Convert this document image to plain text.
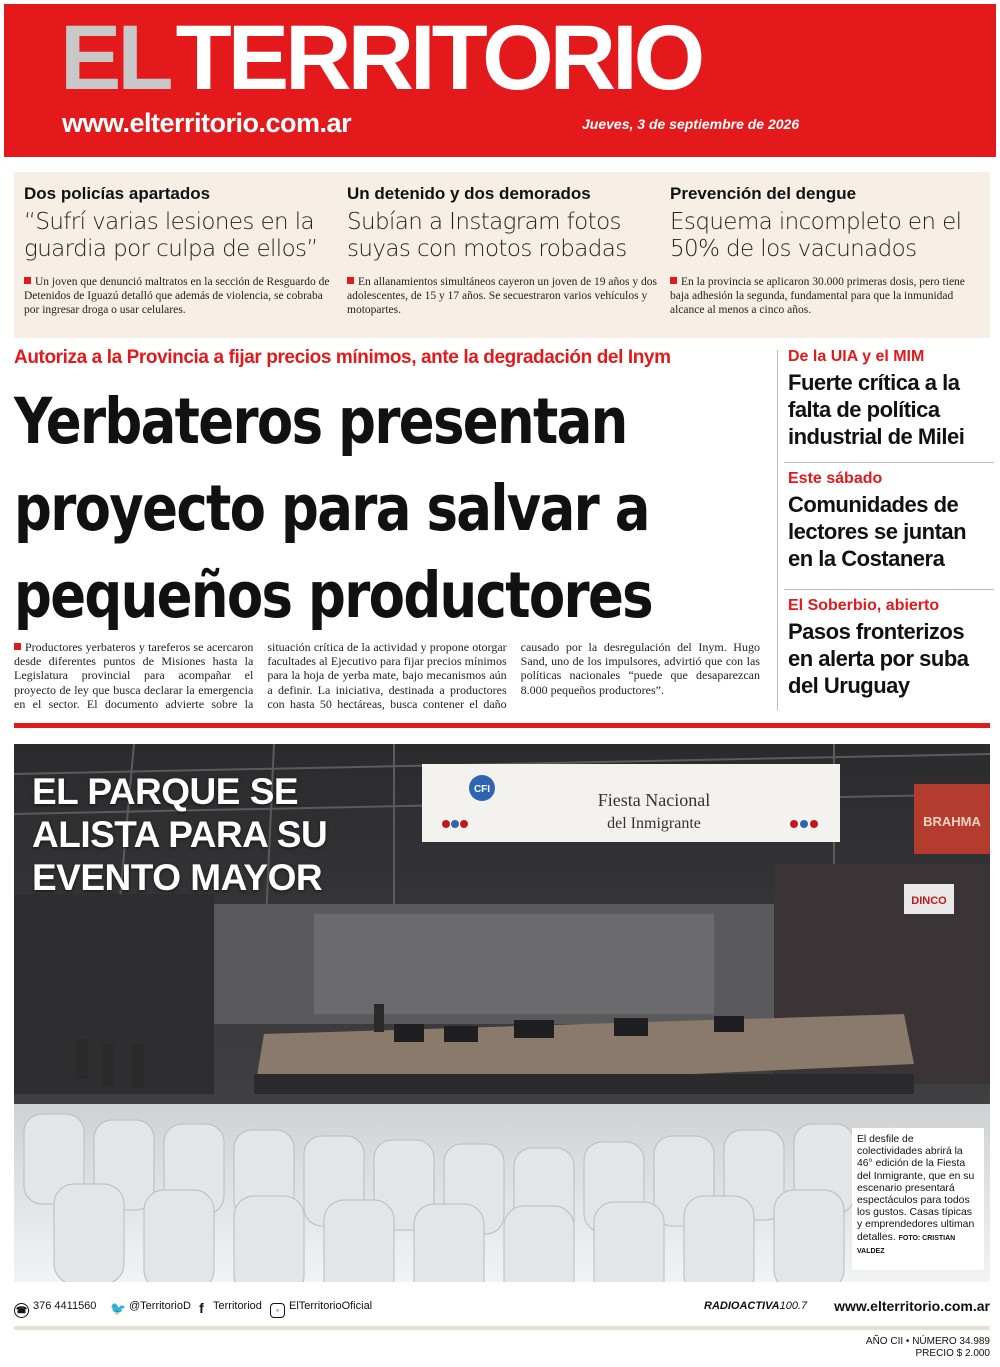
ELTERRITORIO
www.elterritorio.com.ar	Jueves, 3 de septiembre de 2026
Dos policías apartados
“Sufrí varias lesiones en la guardia por culpa de ellos”
Un joven que denunció maltratos en la sección de Resguardo de Detenidos de Iguazú detalló que además de violencia, se cobraba por ingresar droga o usar celulares.
Un detenido y dos demorados
Subían a Instagram fotos suyas con motos robadas
En allanamientos simultáneos cayeron un joven de 19 años y dos adolescentes, de 15 y 17 años. Se secuestraron varios vehículos y motopartes.
Prevención del dengue
Esquema incompleto en el 50% de los vacunados
En la provincia se aplicaron 30.000 primeras dosis, pero tiene baja adhesión la segunda, fundamental para que la inmunidad alcance al menos a cinco años.
Autoriza a la Provincia a fijar precios mínimos, ante la degradación del Inym
Yerbateros presentan proyecto para salvar a pequeños productores
Productores yerbateros y tareferos se acercaron desde diferentes puntos de Misiones hasta la Legislatura provincial para acompañar el proyecto de ley que busca declarar la emergencia en el sector. El documento advierte sobre la situación crítica de la actividad y propone otorgar facultades al Ejecutivo para fijar precios mínimos para la hoja de yerba mate, bajo mecanismos aún a definir. La iniciativa, destinada a productores con hasta 50 hectáreas, busca contener el daño causado por la desregulación del Inym. Hugo Sand, uno de los impulsores, advirtió que con las políticas nacionales “puede que desaparezcan 8.000 pequeños productores”.
De la UIA y el MIM
Fuerte crítica a la falta de política industrial de Milei
Este sábado
Comunidades de lectores se juntan en la Costanera
El Soberbio, abierto
Pasos fronterizos en alerta por suba del Uruguay
BRAHMA
DINCO
CFI
Fiesta Nacional
del Inmigrante
EL PARQUE SE
ALISTA PARA SU
EVENTO MAYOR
El desfile de colectividades abrirá la 46° edición de la Fiesta del Inmigrante, que en su escenario presentará espectáculos para todos los gustos. Casas típicas y emprendedores ultiman detalles. FOTO: CRISTIAN VALDEZ
☎ 376 4411560 🐦 @TerritorioD f Territoriod	◦ ElTerritorioOficial	RADIOACTIVA100.7 www.elterritorio.com.ar
AÑO CII • NÚMERO 34.989
PRECIO $ 2.000
